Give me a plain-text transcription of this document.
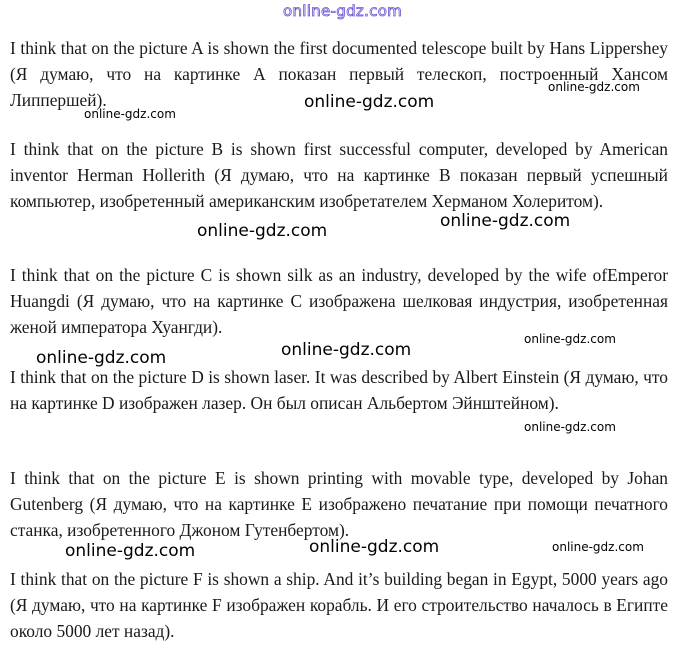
I think that on the picture A is shown the first documented telescope built by Hans Lippershey (Я думаю, что на картинке А показан первый телескоп, построенный Хансом Липпершей).

I think that on the picture B is shown first successful computer, developed by American inventor Herman Hollerith (Я думаю, что на картинке В показан первый успешный компьютер, изобретенный американским изобретателем Херманом Холеритом).

I think that on the picture C is shown silk as an industry, developed by the wife ofEmperor Huangdi (Я думаю, что на картинке С изображена шелковая индустрия, изобретенная женой императора Хуангди).

I think that on the picture D is shown laser. It was described by Albert Einstein (Я думаю, что на картинке D изображен лазер. Он был описан Альбертом Эйнштейном).

I think that on the picture E is shown printing with movable type, developed by Johan Gutenberg (Я думаю, что на картинке Е изображено печатание при помощи печатного станка, изобретенного Джоном Гутенбертом).

I think that on the picture F is shown a ship. And it’s building began in Egypt, 5000 years ago (Я думаю, что на картинке F изображен корабль. И его строительство началось в Египте около 5000 лет назад).

online-gdz.com
online-gdz.com
online-gdz.com
online-gdz.com
online-gdz.com
online-gdz.com
online-gdz.com
online-gdz.com
online-gdz.com
online-gdz.com
online-gdz.com	online-gdz.com
online-gdz.com
